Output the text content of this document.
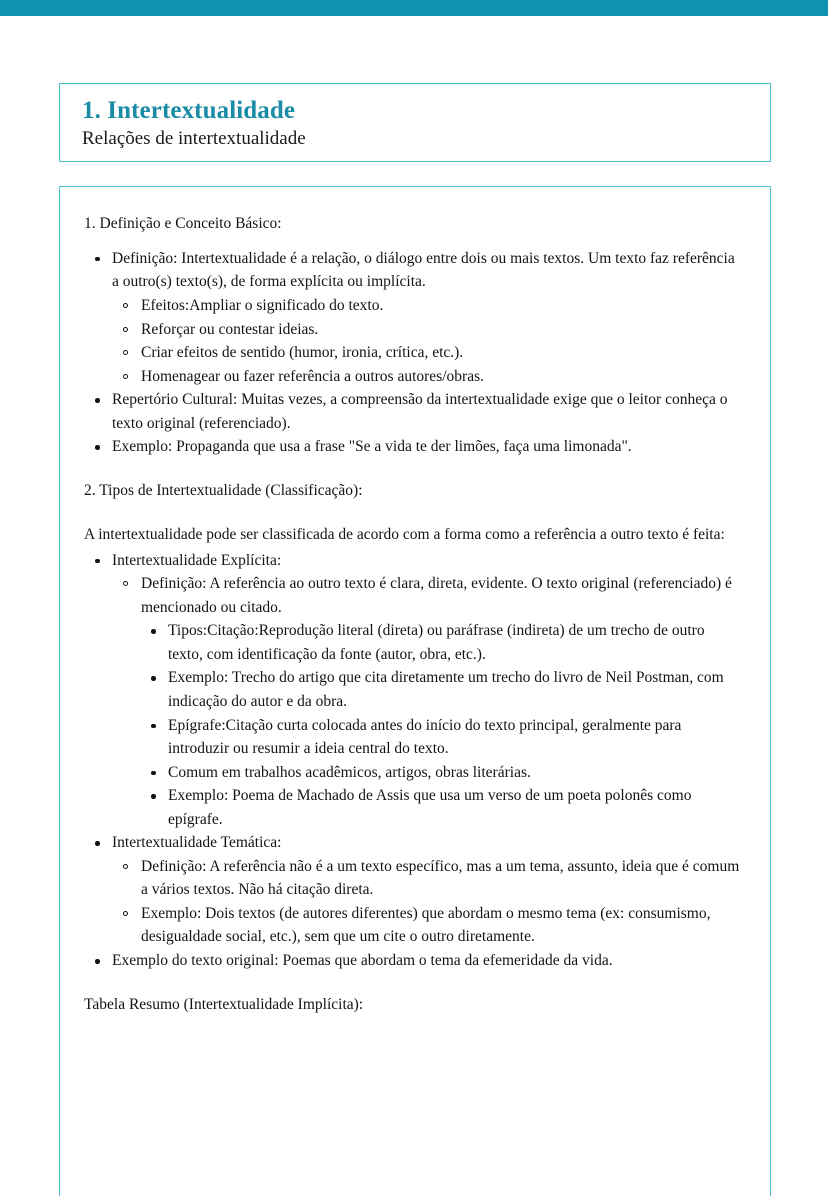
1. Intertextualidade
Relações de intertextualidade

1. Definição e Conceito Básico:

Definição: Intertextualidade é a relação, o diálogo entre dois ou mais textos. Um texto faz referência a outro(s) texto(s), de forma explícita ou implícita.
Efeitos:Ampliar o significado do texto.
Reforçar ou contestar ideias.
Criar efeitos de sentido (humor, ironia, crítica, etc.).
Homenagear ou fazer referência a outros autores/obras.
Repertório Cultural: Muitas vezes, a compreensão da intertextualidade exige que o leitor conheça o texto original (referenciado).
Exemplo: Propaganda que usa a frase "Se a vida te der limões, faça uma limonada".

2. Tipos de Intertextualidade (Classificação):

A intertextualidade pode ser classificada de acordo com a forma como a referência a outro texto é feita:

Intertextualidade Explícita:
Definição: A referência ao outro texto é clara, direta, evidente. O texto original (referenciado) é mencionado ou citado.
Tipos:Citação:Reprodução literal (direta) ou paráfrase (indireta) de um trecho de outro texto, com identificação da fonte (autor, obra, etc.).
Exemplo: Trecho do artigo que cita diretamente um trecho do livro de Neil Postman, com indicação do autor e da obra.
Epígrafe:Citação curta colocada antes do início do texto principal, geralmente para introduzir ou resumir a ideia central do texto.
Comum em trabalhos acadêmicos, artigos, obras literárias.
Exemplo: Poema de Machado de Assis que usa um verso de um poeta polonês como epígrafe.
Intertextualidade Temática:
Definição: A referência não é a um texto específico, mas a um tema, assunto, ideia que é comum a vários textos. Não há citação direta.
Exemplo: Dois textos (de autores diferentes) que abordam o mesmo tema (ex: consumismo, desigualdade social, etc.), sem que um cite o outro diretamente.
Exemplo do texto original: Poemas que abordam o tema da efemeridade da vida.

Tabela Resumo (Intertextualidade Implícita):
